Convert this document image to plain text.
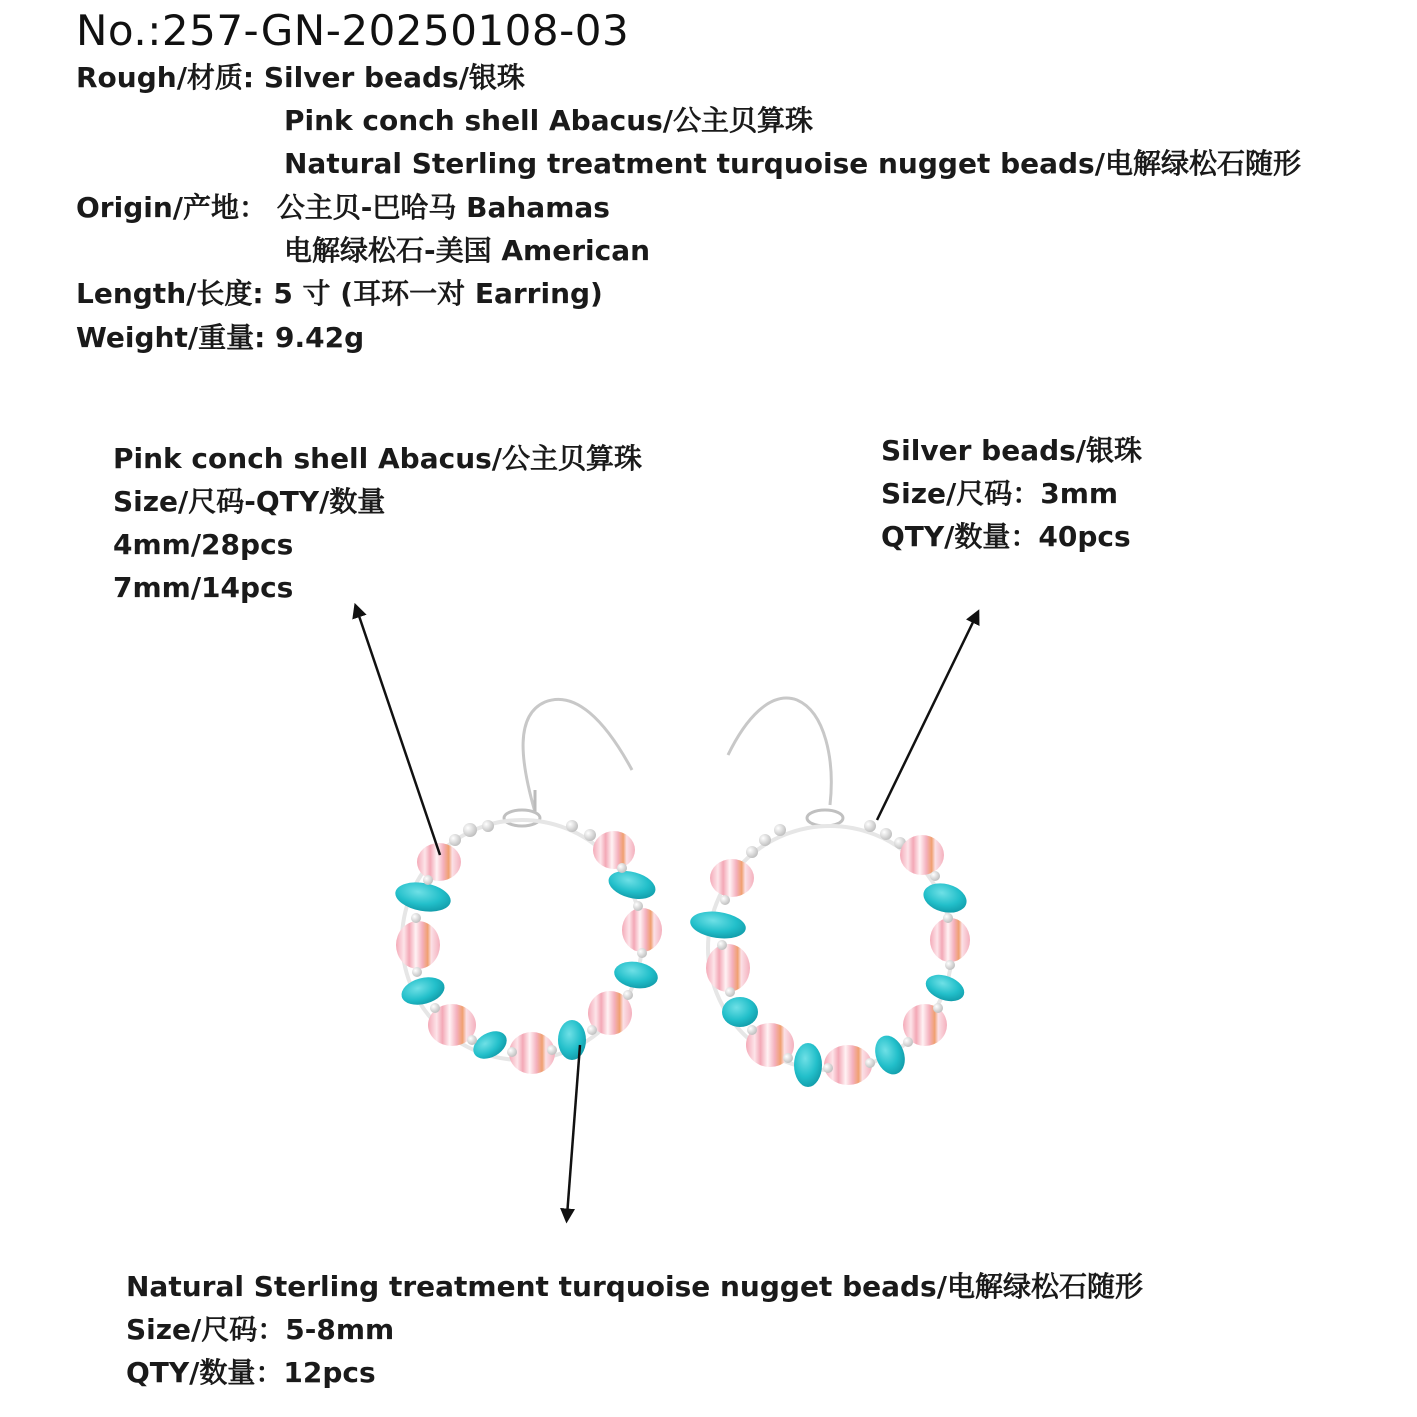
No.:257-GN-20250108-03
Rough/材质: Silver beads/银珠
Pink conch shell Abacus/公主贝算珠
Natural Sterling treatment turquoise nugget beads/电解绿松石随形
Origin/产地： 公主贝-巴哈马 Bahamas
电解绿松石-美国 American
Length/长度: 5 寸 (耳环一对 Earring)
Weight/重量: 9.42g
Pink conch shell Abacus/公主贝算珠
Size/尺码-QTY/数量
4mm/28pcs
7mm/14pcs
Silver beads/银珠
Size/尺码：3mm
QTY/数量：40pcs
Natural Sterling treatment turquoise nugget beads/电解绿松石随形
Size/尺码：5-8mm
QTY/数量：12pcs
